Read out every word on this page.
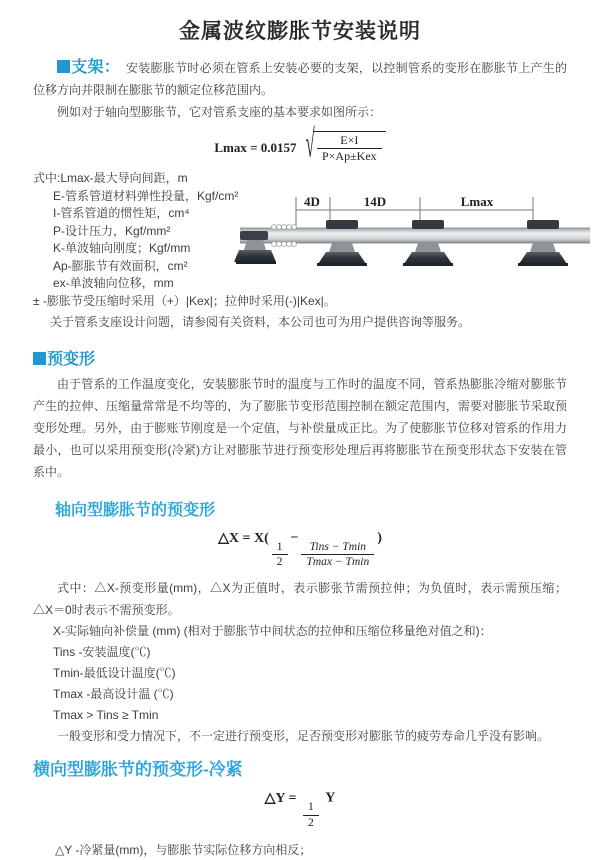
金属波纹膨胀节安装说明

支架： 安装膨胀节时必须在管系上安装必要的支架，以控制管系的变形在膨胀节上产生的位移方向并限制在膨胀节的额定位移范围内。

例如对于轴向型膨胀节，它对管系支座的基本要求如图所示：

Lmax = 0.0157 √ $\frac{E\times I}{\text{P×Ap±Kex}}$
式中:Lmax-最大导向间距，m
E-管系管道材料弹性投量，Kgf/cm²
I-管系管道的惯性矩，cm⁴
P-设计压力，Kgf/mm²
K-单波轴向刚度；Kgf/mm
Ap-膨胀节有效面积，cm²
ex-单波轴向位移，mm
± -膨胀节受压缩时采用（+）|Kex|；拉伸时采用(-)|Kex|。
关于管系支座设计问题，请参阅有关资料，本公司也可为用户提供咨询等服务。
4D	14D	Lmax
预变形

由于管系的工作温度变化，安装膨胀节时的温度与工作时的温度不同，管系热膨胀冷缩对膨胀节产生的拉伸、压缩量常常是不均等的，为了膨胀节变形范围控制在额定范围内，需要对膨胀节采取预变形处理。另外，由于膨账节刚度是一个定值，与补偿量成正比。为了使膨胀节位移对管系的作用力最小，也可以采用预变形(冷紧)方让对膨胀节进行预变形处理后再将膨胀节在预变形状态下安装在管系中。

轴向型膨胀节的预变形
△X = X(
$\frac{1}{2}$
−
$\frac{\text{Tins − Tmin}}{Tmax - Tmin}$
)

式中：△X-预变形量(mm)，△X为正值时，表示膨张节需预拉伸；为负值时，表示需预压缩；△X＝0时表示不需预变形。

X-实际轴向补偿量 (mm) (相对于膨胀节中间状态的拉伸和压缩位移量绝对值之和)：
Tins -安装温度(℃)
Tmin-最低设计温度(℃)
Tmax -最高设计温 (℃)
Tmax > Tins ≥ Tmin
一般变形和受力情况下，不一定进行预变形，足否预变形对膨胀节的疲劳寿命几乎没有影响。
横向型膨胀节的预变形-冷紧
△Y =
$\frac{1}{2}$
Y
△Y -冷紧量(mm)，与膨胀节实际位移方向相反；
